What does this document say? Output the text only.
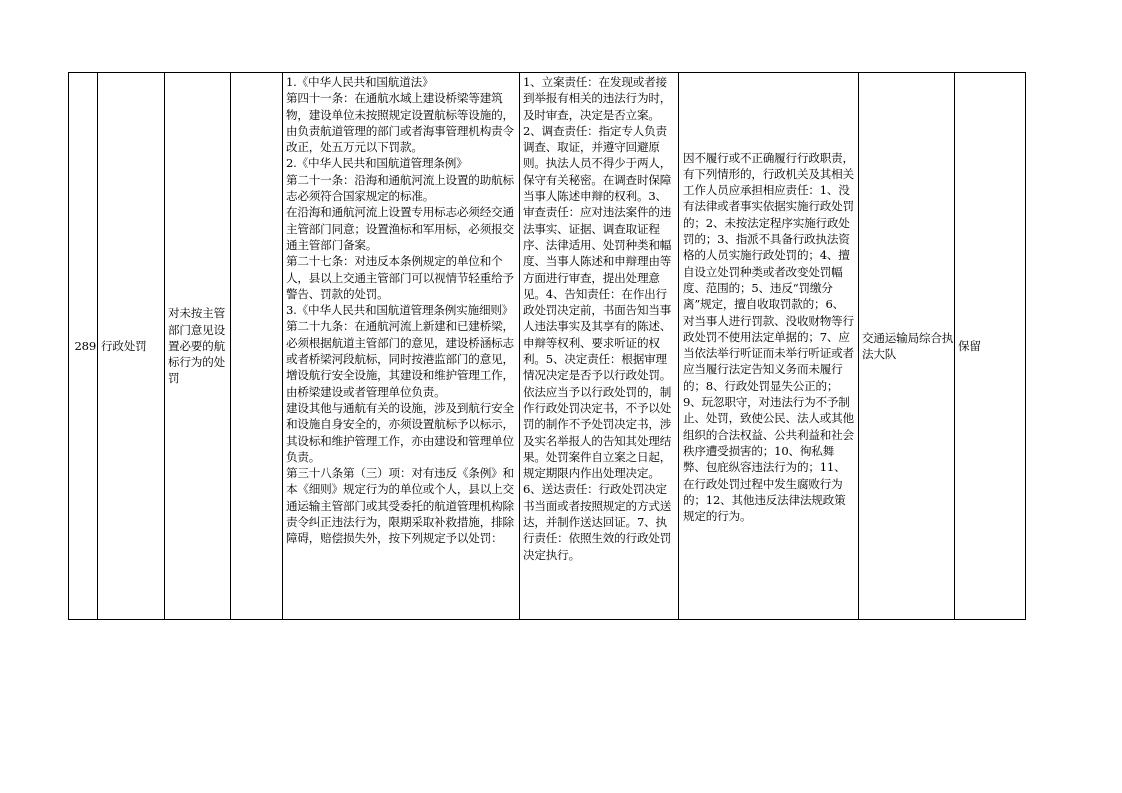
289 行政处罚
对未按主管部门意见设置必要的航标行为的处罚

1.《中华人民共和国航道法》
第四十一条：在通航水域上建设桥梁等建筑物，建设单位未按照规定设置航标等设施的，由负责航道管理的部门或者海事管理机构责令改正，处五万元以下罚款。
2.《中华人民共和国航道管理条例》
第二十一条：沿海和通航河流上设置的助航标志必须符合国家规定的标准。
在沿海和通航河流上设置专用标志必须经交通主管部门同意；设置渔标和军用标，必须报交通主管部门备案。
第二十七条：对违反本条例规定的单位和个人，县以上交通主管部门可以视情节轻重给予警告、罚款的处罚。
3.《中华人民共和国航道管理条例实施细则》
第二十九条：在通航河流上新建和已建桥梁，必须根据航道主管部门的意见，建设桥涵标志或者桥梁河段航标，同时按港监部门的意见，增设航行安全设施，其建设和维护管理工作，由桥梁建设或者管理单位负责。
建设其他与通航有关的设施，涉及到航行安全和设施自身安全的，亦须设置航标予以标示，其设标和维护管理工作，亦由建设和管理单位负责。
第三十八条第（三）项：对有违反《条例》和本《细则》规定行为的单位或个人，县以上交通运输主管部门或其受委托的航道管理机构除责令纠正违法行为，限期采取补救措施，排除障碍，赔偿损失外，按下列规定予以处罚：

1、立案责任：在发现或者接到举报有相关的违法行为时，及时审查，决定是否立案。2、调查责任：指定专人负责调查、取证，并遵守回避原则。执法人员不得少于两人，保守有关秘密。在调查时保障当事人陈述申辩的权利。3、审查责任：应对违法案件的违法事实、证据、调查取证程序、法律适用、处罚种类和幅度、当事人陈述和申辩理由等方面进行审查，提出处理意见。4、告知责任：在作出行政处罚决定前，书面告知当事人违法事实及其享有的陈述、申辩等权利、要求听证的权利。5、决定责任：根据审理情况决定是否予以行政处罚。依法应当予以行政处罚的，制作行政处罚决定书，不予以处罚的制作不予处罚决定书，涉及实名举报人的告知其处理结果。处罚案件自立案之日起，规定期限内作出处理决定。
6、送达责任：行政处罚决定书当面或者按照规定的方式送达，并制作送达回证。7、执行责任：依照生效的行政处罚决定执行。

因不履行或不正确履行行政职责，有下列情形的，行政机关及其相关工作人员应承担相应责任：1、没有法律或者事实依据实施行政处罚的；2、未按法定程序实施行政处罚的；3、指派不具备行政执法资格的人员实施行政处罚的；4、擅自设立处罚种类或者改变处罚幅度、范围的；5、违反“罚缴分离”规定，擅自收取罚款的；6、对当事人进行罚款、没收财物等行政处罚不使用法定单据的；7、应当依法举行听证而未举行听证或者应当履行法定告知义务而未履行的；8、行政处罚显失公正的；9、玩忽职守，对违法行为不予制止、处罚，致使公民、法人或其他组织的合法权益、公共利益和社会秩序遭受损害的；10、徇私舞弊、包庇纵容违法行为的；11、在行政处罚过程中发生腐败行为的；12、其他违反法律法规政策规定的行为。

交通运输局综合执法大队
保留
